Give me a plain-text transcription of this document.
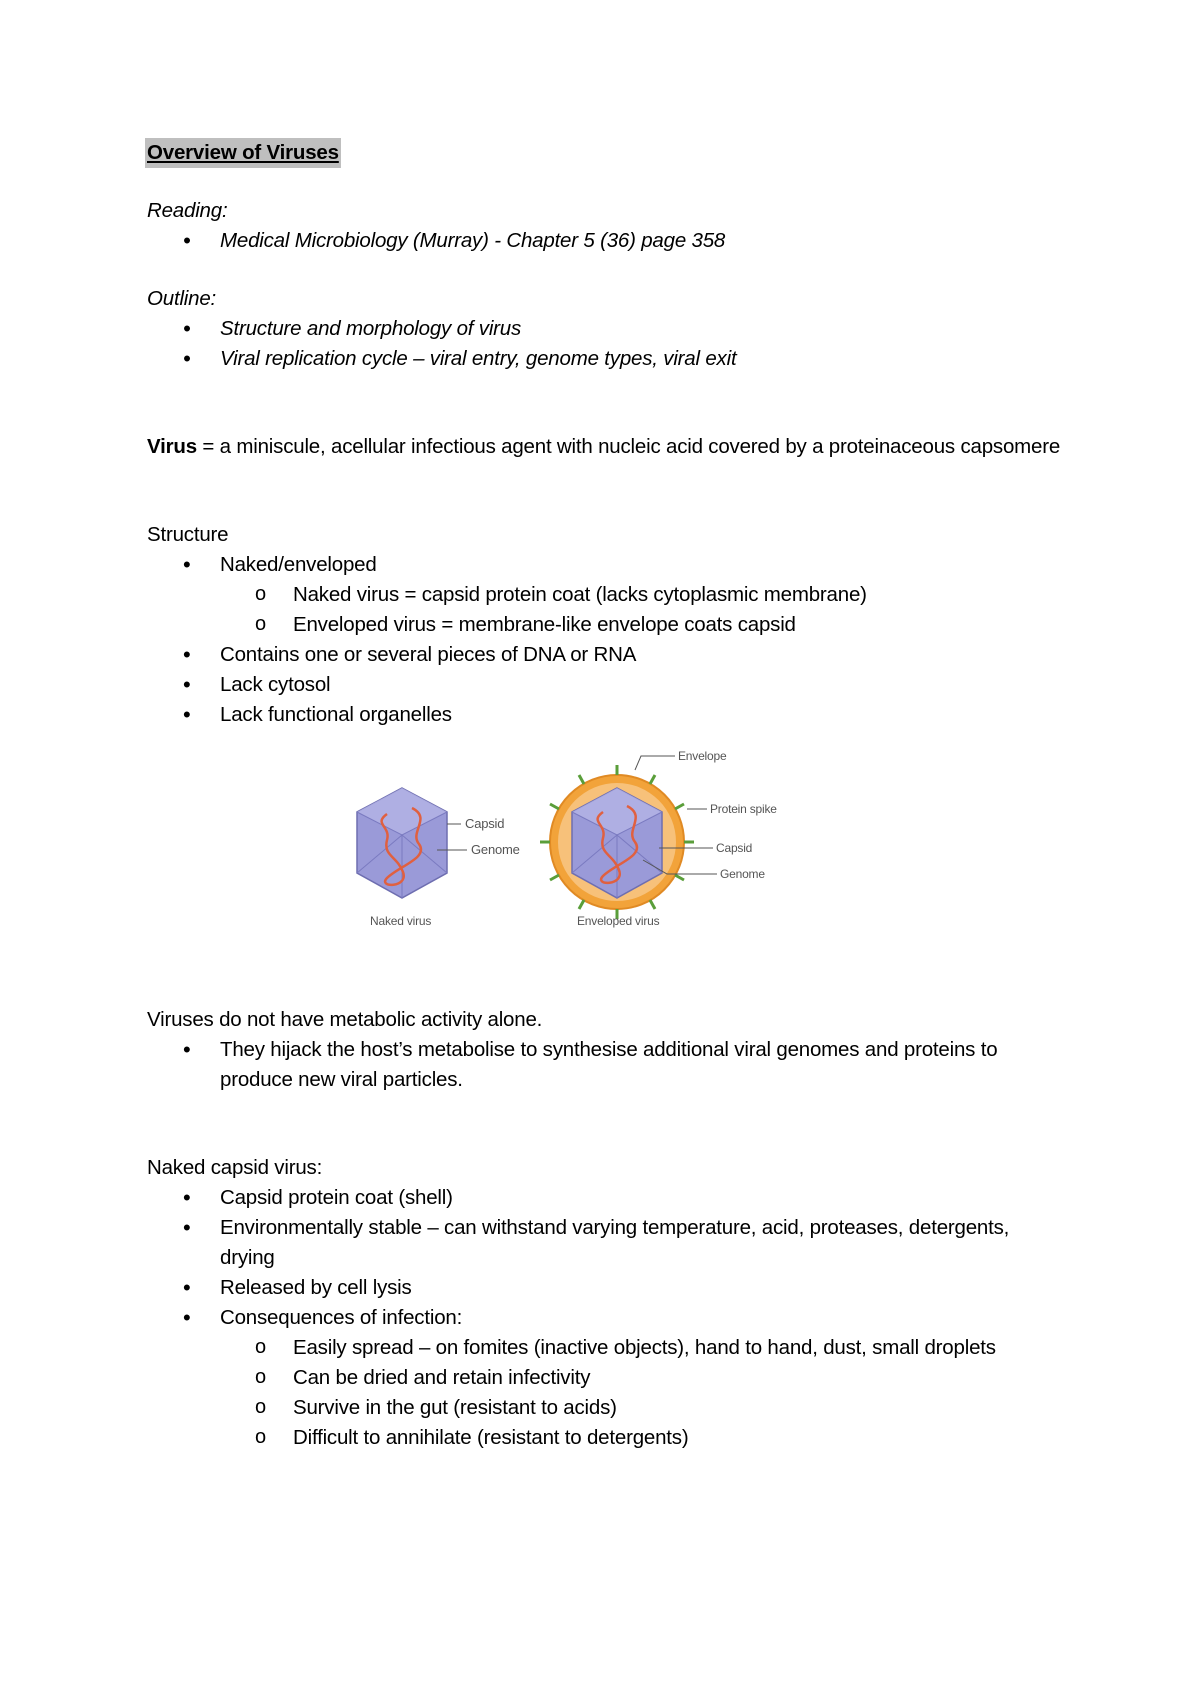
Overview of Viruses
Reading:
• Medical Microbiology (Murray) - Chapter 5 (36) page 358
Outline:
• Structure and morphology of virus
• Viral replication cycle – viral entry, genome types, viral exit
Virus = a miniscule, acellular infectious agent with nucleic acid covered by a proteinaceous capsomere
Structure
• Naked/enveloped
o Naked virus = capsid protein coat (lacks cytoplasmic membrane)
o Enveloped virus = membrane-like envelope coats capsid
• Contains one or several pieces of DNA or RNA
• Lack cytosol
• Lack functional organelles
Capsid
Genome
Naked virus
Envelope
Protein spike
Capsid
Genome
Enveloped virus
Viruses do not have metabolic activity alone.
• They hijack the host’s metabolise to synthesise additional viral genomes and proteins to produce new viral particles.
Naked capsid virus:
• Capsid protein coat (shell)
• Environmentally stable – can withstand varying temperature, acid, proteases, detergents, drying
• Released by cell lysis
• Consequences of infection:
o Easily spread – on fomites (inactive objects), hand to hand, dust, small droplets
o Can be dried and retain infectivity
o Survive in the gut (resistant to acids)
o Difficult to annihilate (resistant to detergents)
